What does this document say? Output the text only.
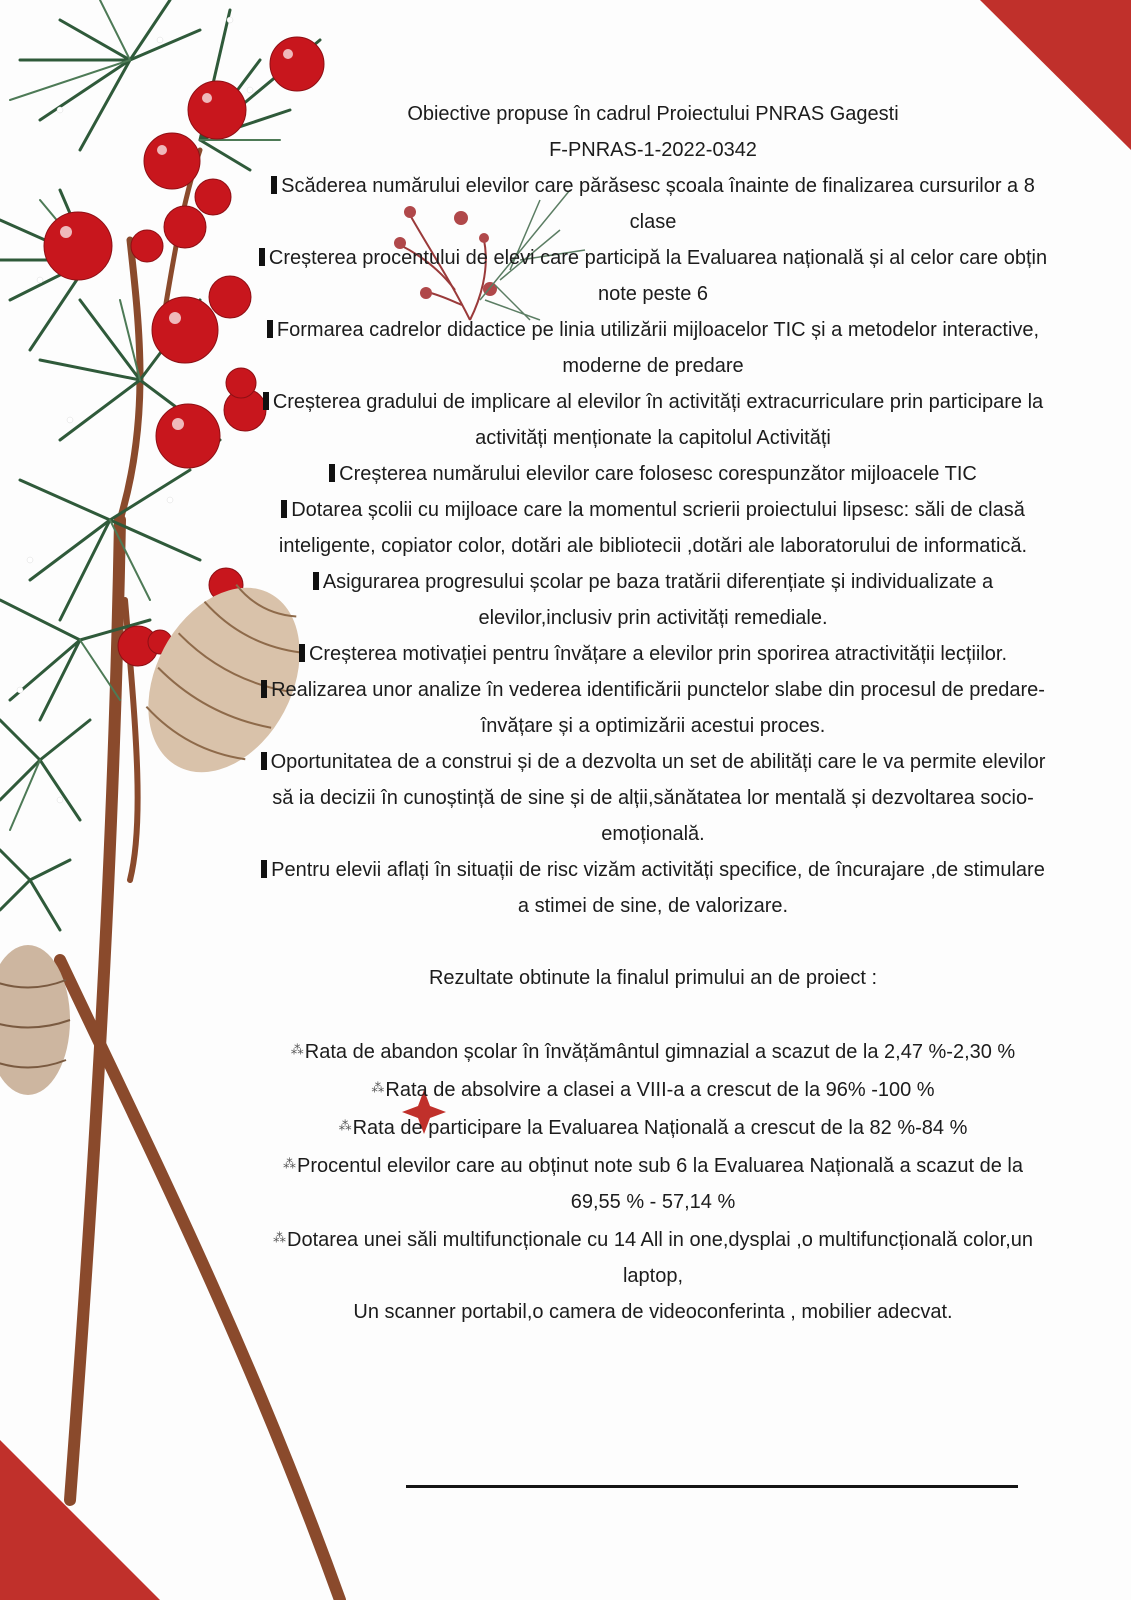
Obiective propuse în cadrul Proiectului PNRAS Gagesti

F-PNRAS-1-2022-0342

Scăderea numărului elevilor care părăsesc școala înainte de finalizarea cursurilor a 8 clase

Creșterea procentului de elevi care participă la Evaluarea națională și al celor care obțin note peste 6

Formarea cadrelor didactice pe linia utilizării mijloacelor TIC și a metodelor interactive, moderne de predare

Creșterea gradului de implicare al elevilor în activități extracurriculare prin participare la activități menționate la capitolul Activități

Creșterea numărului elevilor care folosesc corespunzător mijloacele TIC

Dotarea școlii cu mijloace care la momentul scrierii proiectului lipsesc: săli de clasă inteligente, copiator color, dotări ale bibliotecii ,dotări ale laboratorului de informatică.

Asigurarea progresului școlar pe baza tratării diferențiate și individualizate a elevilor,inclusiv prin activități remediale.

Creșterea motivației pentru învățare a elevilor prin sporirea atractivității lecțiilor.

Realizarea unor analize în vederea identificării punctelor slabe din procesul de predare-învățare și a optimizării acestui proces.

Oportunitatea de a construi și de a dezvolta un set de abilități care le va permite elevilor să ia decizii în cunoștință de sine și de alții,sănătatea lor mentală și dezvoltarea socio-emoțională.

Pentru elevii aflați în situații de risc vizăm activități specifice, de încurajare ,de stimulare a stimei de sine, de valorizare.

Rezultate obtinute la finalul primului an de proiect :

⁂Rata de abandon școlar în învățământul gimnazial a scazut de la 2,47 %-2,30 %

⁂Rata de absolvire a clasei a VIII-a a crescut de la 96% -100 %

⁂Rata de participare la Evaluarea Națională a crescut de la 82 %-84 %

⁂Procentul elevilor care au obținut note sub 6 la Evaluarea Națională a scazut de la 69,55 % - 57,14 %

⁂Dotarea unei săli multifuncționale cu 14 All in one,dysplai ,o multifuncțională color,un laptop,

Un scanner portabil,o camera de videoconferinta , mobilier adecvat.
